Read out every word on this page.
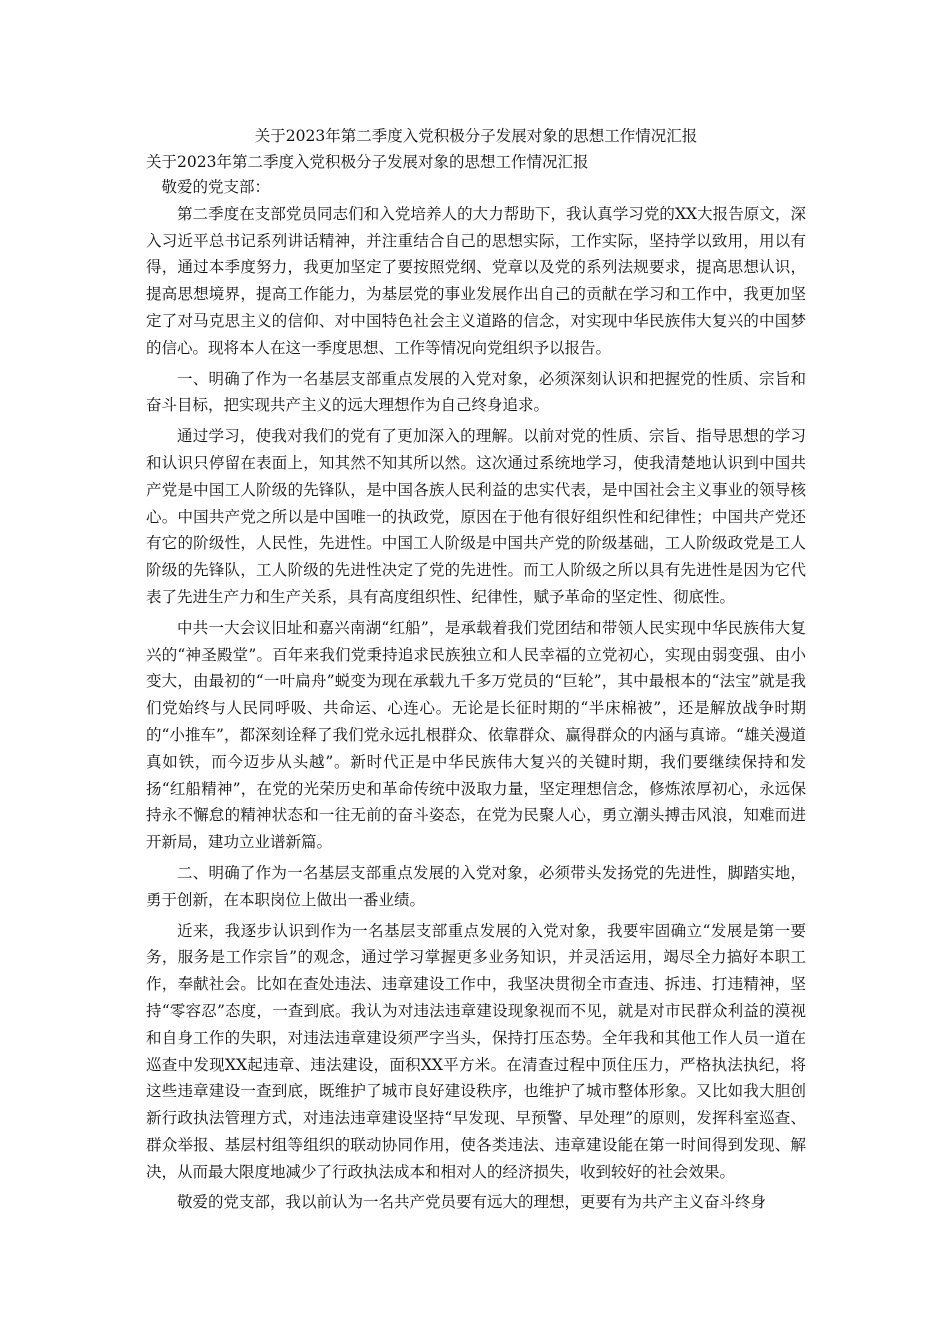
关于2023年第二季度入党积极分子发展对象的思想工作情况汇报
关于2023年第二季度入党积极分子发展对象的思想工作情况汇报

敬爱的党支部：

第二季度在支部党员同志们和入党培养人的大力帮助下，我认真学习党的XX大报告原文，深入习近平总书记系列讲话精神，并注重结合自己的思想实际，工作实际，坚持学以致用，用以有得，通过本季度努力，我更加坚定了要按照党纲、党章以及党的系列法规要求，提高思想认识，提高思想境界，提高工作能力，为基层党的事业发展作出自己的贡献在学习和工作中，我更加坚定了对马克思主义的信仰、对中国特色社会主义道路的信念，对实现中华民族伟大复兴的中国梦的信心。现将本人在这一季度思想、工作等情况向党组织予以报告。

一、明确了作为一名基层支部重点发展的入党对象，必须深刻认识和把握党的性质、宗旨和奋斗目标，把实现共产主义的远大理想作为自己终身追求。

通过学习，使我对我们的党有了更加深入的理解。以前对党的性质、宗旨、指导思想的学习和认识只停留在表面上，知其然不知其所以然。这次通过系统地学习，使我清楚地认识到中国共产党是中国工人阶级的先锋队，是中国各族人民利益的忠实代表，是中国社会主义事业的领导核心。中国共产党之所以是中国唯一的执政党，原因在于他有很好组织性和纪律性；中国共产党还有它的阶级性，人民性，先进性。中国工人阶级是中国共产党的阶级基础，工人阶级政党是工人阶级的先锋队，工人阶级的先进性决定了党的先进性。而工人阶级之所以具有先进性是因为它代表了先进生产力和生产关系，具有高度组织性、纪律性，赋予革命的坚定性、彻底性。

中共一大会议旧址和嘉兴南湖“红船”，是承载着我们党团结和带领人民实现中华民族伟大复兴的“神圣殿堂”。百年来我们党秉持追求民族独立和人民幸福的立党初心，实现由弱变强、由小变大，由最初的“一叶扁舟”蜕变为现在承载九千多万党员的“巨轮”，其中最根本的“法宝”就是我们党始终与人民同呼吸、共命运、心连心。无论是长征时期的“半床棉被”，还是解放战争时期的“小推车”，都深刻诠释了我们党永远扎根群众、依靠群众、赢得群众的内涵与真谛。“雄关漫道真如铁，而今迈步从头越”。新时代正是中华民族伟大复兴的关键时期，我们要继续保持和发扬“红船精神”，在党的光荣历史和革命传统中汲取力量，坚定理想信念，修炼浓厚初心，永远保持永不懈怠的精神状态和一往无前的奋斗姿态，在党为民聚人心，勇立潮头搏击风浪，知难而进开新局，建功立业谱新篇。

二、明确了作为一名基层支部重点发展的入党对象，必须带头发扬党的先进性，脚踏实地，勇于创新，在本职岗位上做出一番业绩。

近来，我逐步认识到作为一名基层支部重点发展的入党对象，我要牢固确立“发展是第一要务，服务是工作宗旨”的观念，通过学习掌握更多业务知识，并灵活运用，竭尽全力搞好本职工作，奉献社会。比如在查处违法、违章建设工作中，我坚决贯彻全市查违、拆违、打违精神，坚持“零容忍”态度，一查到底。我认为对违法违章建设现象视而不见，就是对市民群众利益的漠视和自身工作的失职，对违法违章建设须严字当头，保持打压态势。全年我和其他工作人员一道在巡查中发现XX起违章、违法建设，面积XX平方米。在清查过程中顶住压力，严格执法执纪，将这些违章建设一查到底，既维护了城市良好建设秩序，也维护了城市整体形象。又比如我大胆创新行政执法管理方式，对违法违章建设坚持“早发现、早预警、早处理”的原则，发挥科室巡查、群众举报、基层村组等组织的联动协同作用，使各类违法、违章建设能在第一时间得到发现、解决，从而最大限度地减少了行政执法成本和相对人的经济损失，收到较好的社会效果。

敬爱的党支部，我以前认为一名共产党员要有远大的理想，更要有为共产主义奋斗终身
